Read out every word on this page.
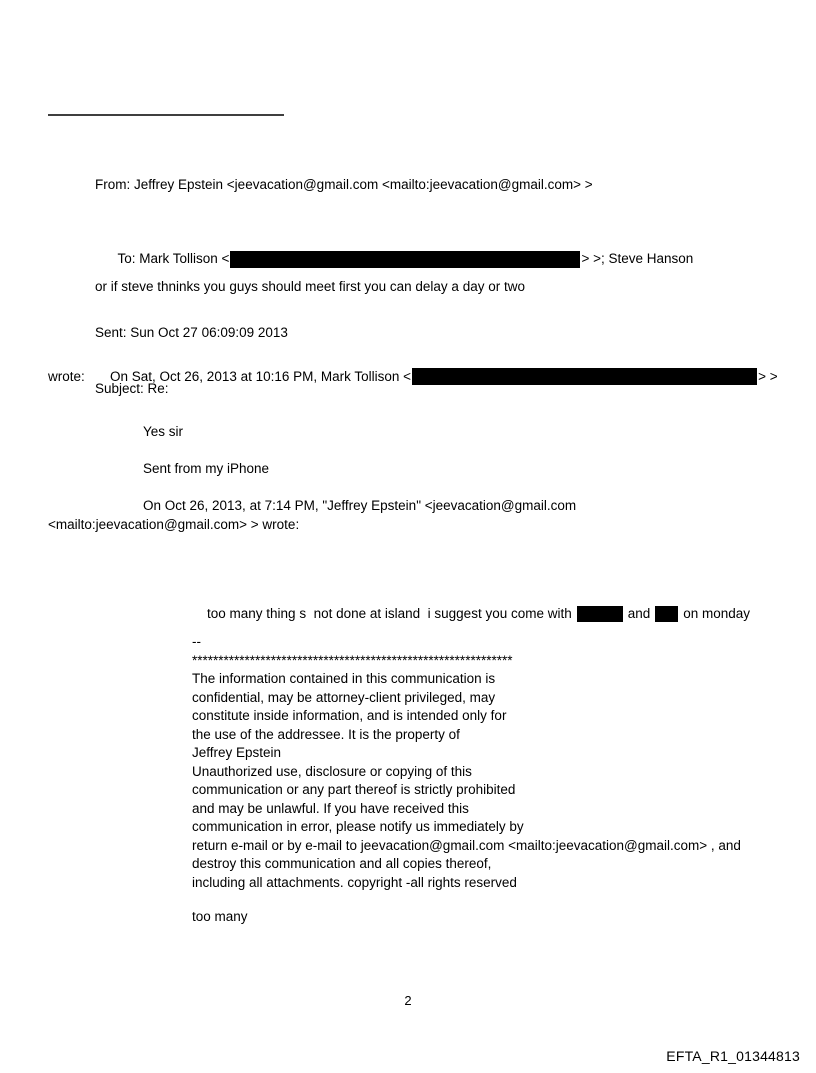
From: Jeffrey Epstein <jeevacation@gmail.com <mailto:jeevacation@gmail.com> >

To: Mark Tollison <	> >; Steve Hanson

Sent: Sun Oct 27 06:09:09 2013

Subject: Re:

or if steve thninks you guys should meet first you can delay a day or two

On Sat, Oct 26, 2013 at 10:16 PM, Mark Tollison <	> >

wrote:
Yes sir
Sent from my iPhone
On Oct 26, 2013, at 7:14 PM, "Jeffrey Epstein" <jeevacation@gmail.com
<mailto:jeevacation@gmail.com> > wrote:

too many thing s  not done at island  i suggest you come with	and on monday

--
*************************************************************
The information contained in this communication is
confidential, may be attorney-client privileged, may
constitute inside information, and is intended only for
the use of the addressee. It is the property of
Jeffrey Epstein
Unauthorized use, disclosure or copying of this
communication or any part thereof is strictly prohibited
and may be unlawful. If you have received this
communication in error, please notify us immediately by
return e-mail or by e-mail to jeevacation@gmail.com <mailto:jeevacation@gmail.com> , and
destroy this communication and all copies thereof,
including all attachments. copyright -all rights reserved
too many
2
EFTA_R1_01344813
